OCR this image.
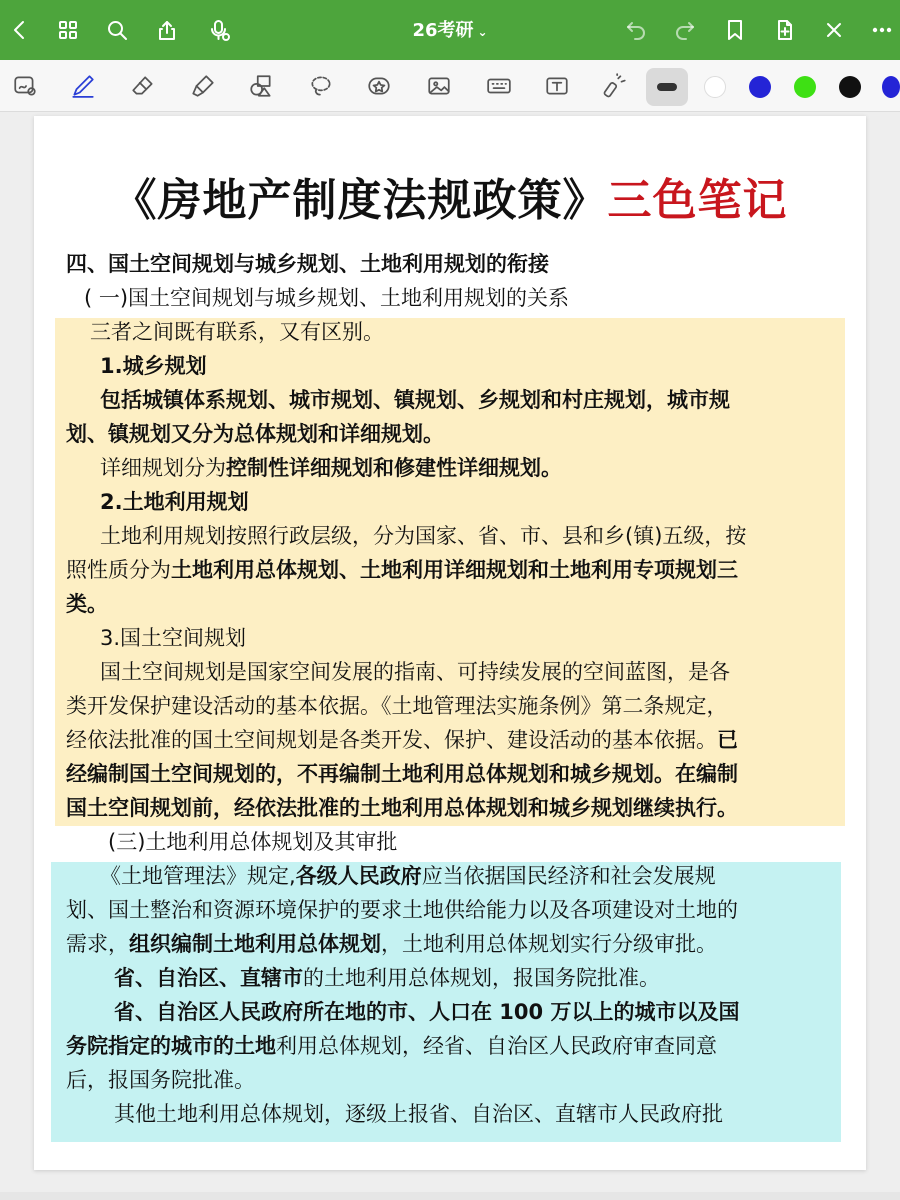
26考研 ⌄
《房地产制度法规政策》三色笔记
四、国土空间规划与城乡规划、土地利用规划的衔接
( 一)国土空间规划与城乡规划、土地利用规划的关系
三者之间既有联系，又有区别。
1.城乡规划
包括城镇体系规划、城市规划、镇规划、乡规划和村庄规划，城市规
划、镇规划又分为总体规划和详细规划。
详细规划分为控制性详细规划和修建性详细规划。
2.土地利用规划
土地利用规划按照行政层级，分为国家、省、市、县和乡(镇)五级，按
照性质分为土地利用总体规划、土地利用详细规划和土地利用专项规划三
类。
3.国土空间规划
国土空间规划是国家空间发展的指南、可持续发展的空间蓝图，是各
类开发保护建设活动的基本依据。《土地管理法实施条例》第二条规定，
经依法批准的国土空间规划是各类开发、保护、建设活动的基本依据。已
经编制国土空间规划的，不再编制土地利用总体规划和城乡规划。在编制
国土空间规划前，经依法批准的土地利用总体规划和城乡规划继续执行。
(三)土地利用总体规划及其审批
《土地管理法》规定,各级人民政府应当依据国民经济和社会发展规
划、国土整治和资源环境保护的要求土地供给能力以及各项建设对土地的
需求，组织编制土地利用总体规划，土地利用总体规划实行分级审批。
省、自治区、直辖市的土地利用总体规划，报国务院批准。
省、自治区人民政府所在地的市、人口在 100 万以上的城市以及国
务院指定的城市的土地利用总体规划，经省、自治区人民政府审查同意
后，报国务院批准。
其他土地利用总体规划，逐级上报省、自治区、直辖市人民政府批
